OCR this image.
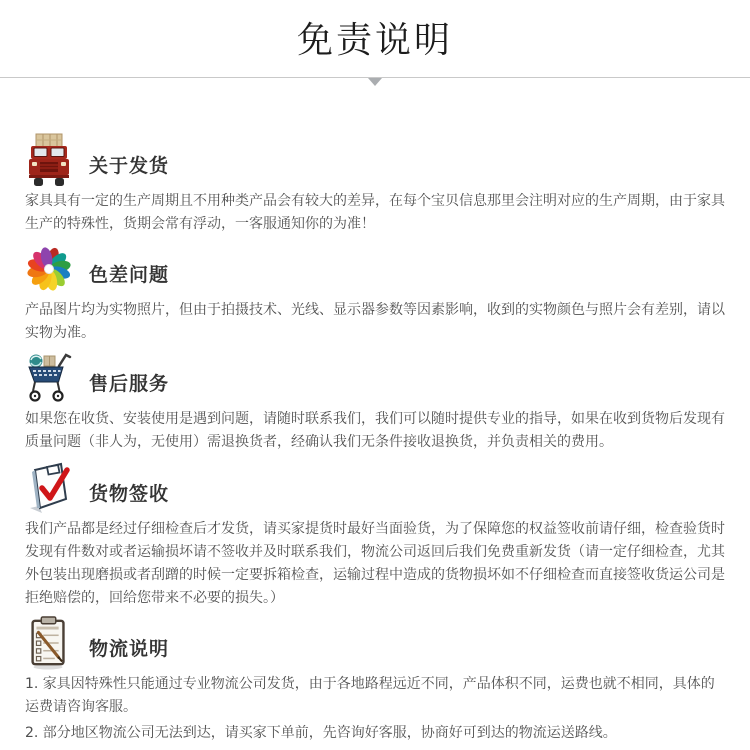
免责说明
关于发货

家具具有一定的生产周期且不用种类产品会有较大的差异，在每个宝贝信息那里会注明对应的生产周期，由于家具生产的特殊性，货期会常有浮动，一客服通知你的为准！

色差问题

产品图片均为实物照片，但由于拍摄技术、光线、显示器参数等因素影响，收到的实物颜色与照片会有差别，请以实物为准。

售后服务

如果您在收货、安装使用是遇到问题，请随时联系我们，我们可以随时提供专业的指导，如果在收到货物后发现有质量问题（非人为，无使用）需退换货者，经确认我们无条件接收退换货，并负责相关的费用。

货物签收

我们产品都是经过仔细检查后才发货，请买家提货时最好当面验货，为了保障您的权益签收前请仔细，检查验货时发现有件数对或者运输损坏请不签收并及时联系我们，物流公司返回后我们免费重新发货（请一定仔细检查，尤其外包装出现磨损或者刮蹭的时候一定要拆箱检查，运输过程中造成的货物损坏如不仔细检查而直接签收货运公司是拒绝赔偿的，回给您带来不必要的损失。）

物流说明

1. 家具因特殊性只能通过专业物流公司发货，由于各地路程远近不同，产品体积不同，运费也就不相同，具体的运费请咨询客服。

2. 部分地区物流公司无法到达，请买家下单前，先咨询好客服，协商好可到达的物流运送路线。
